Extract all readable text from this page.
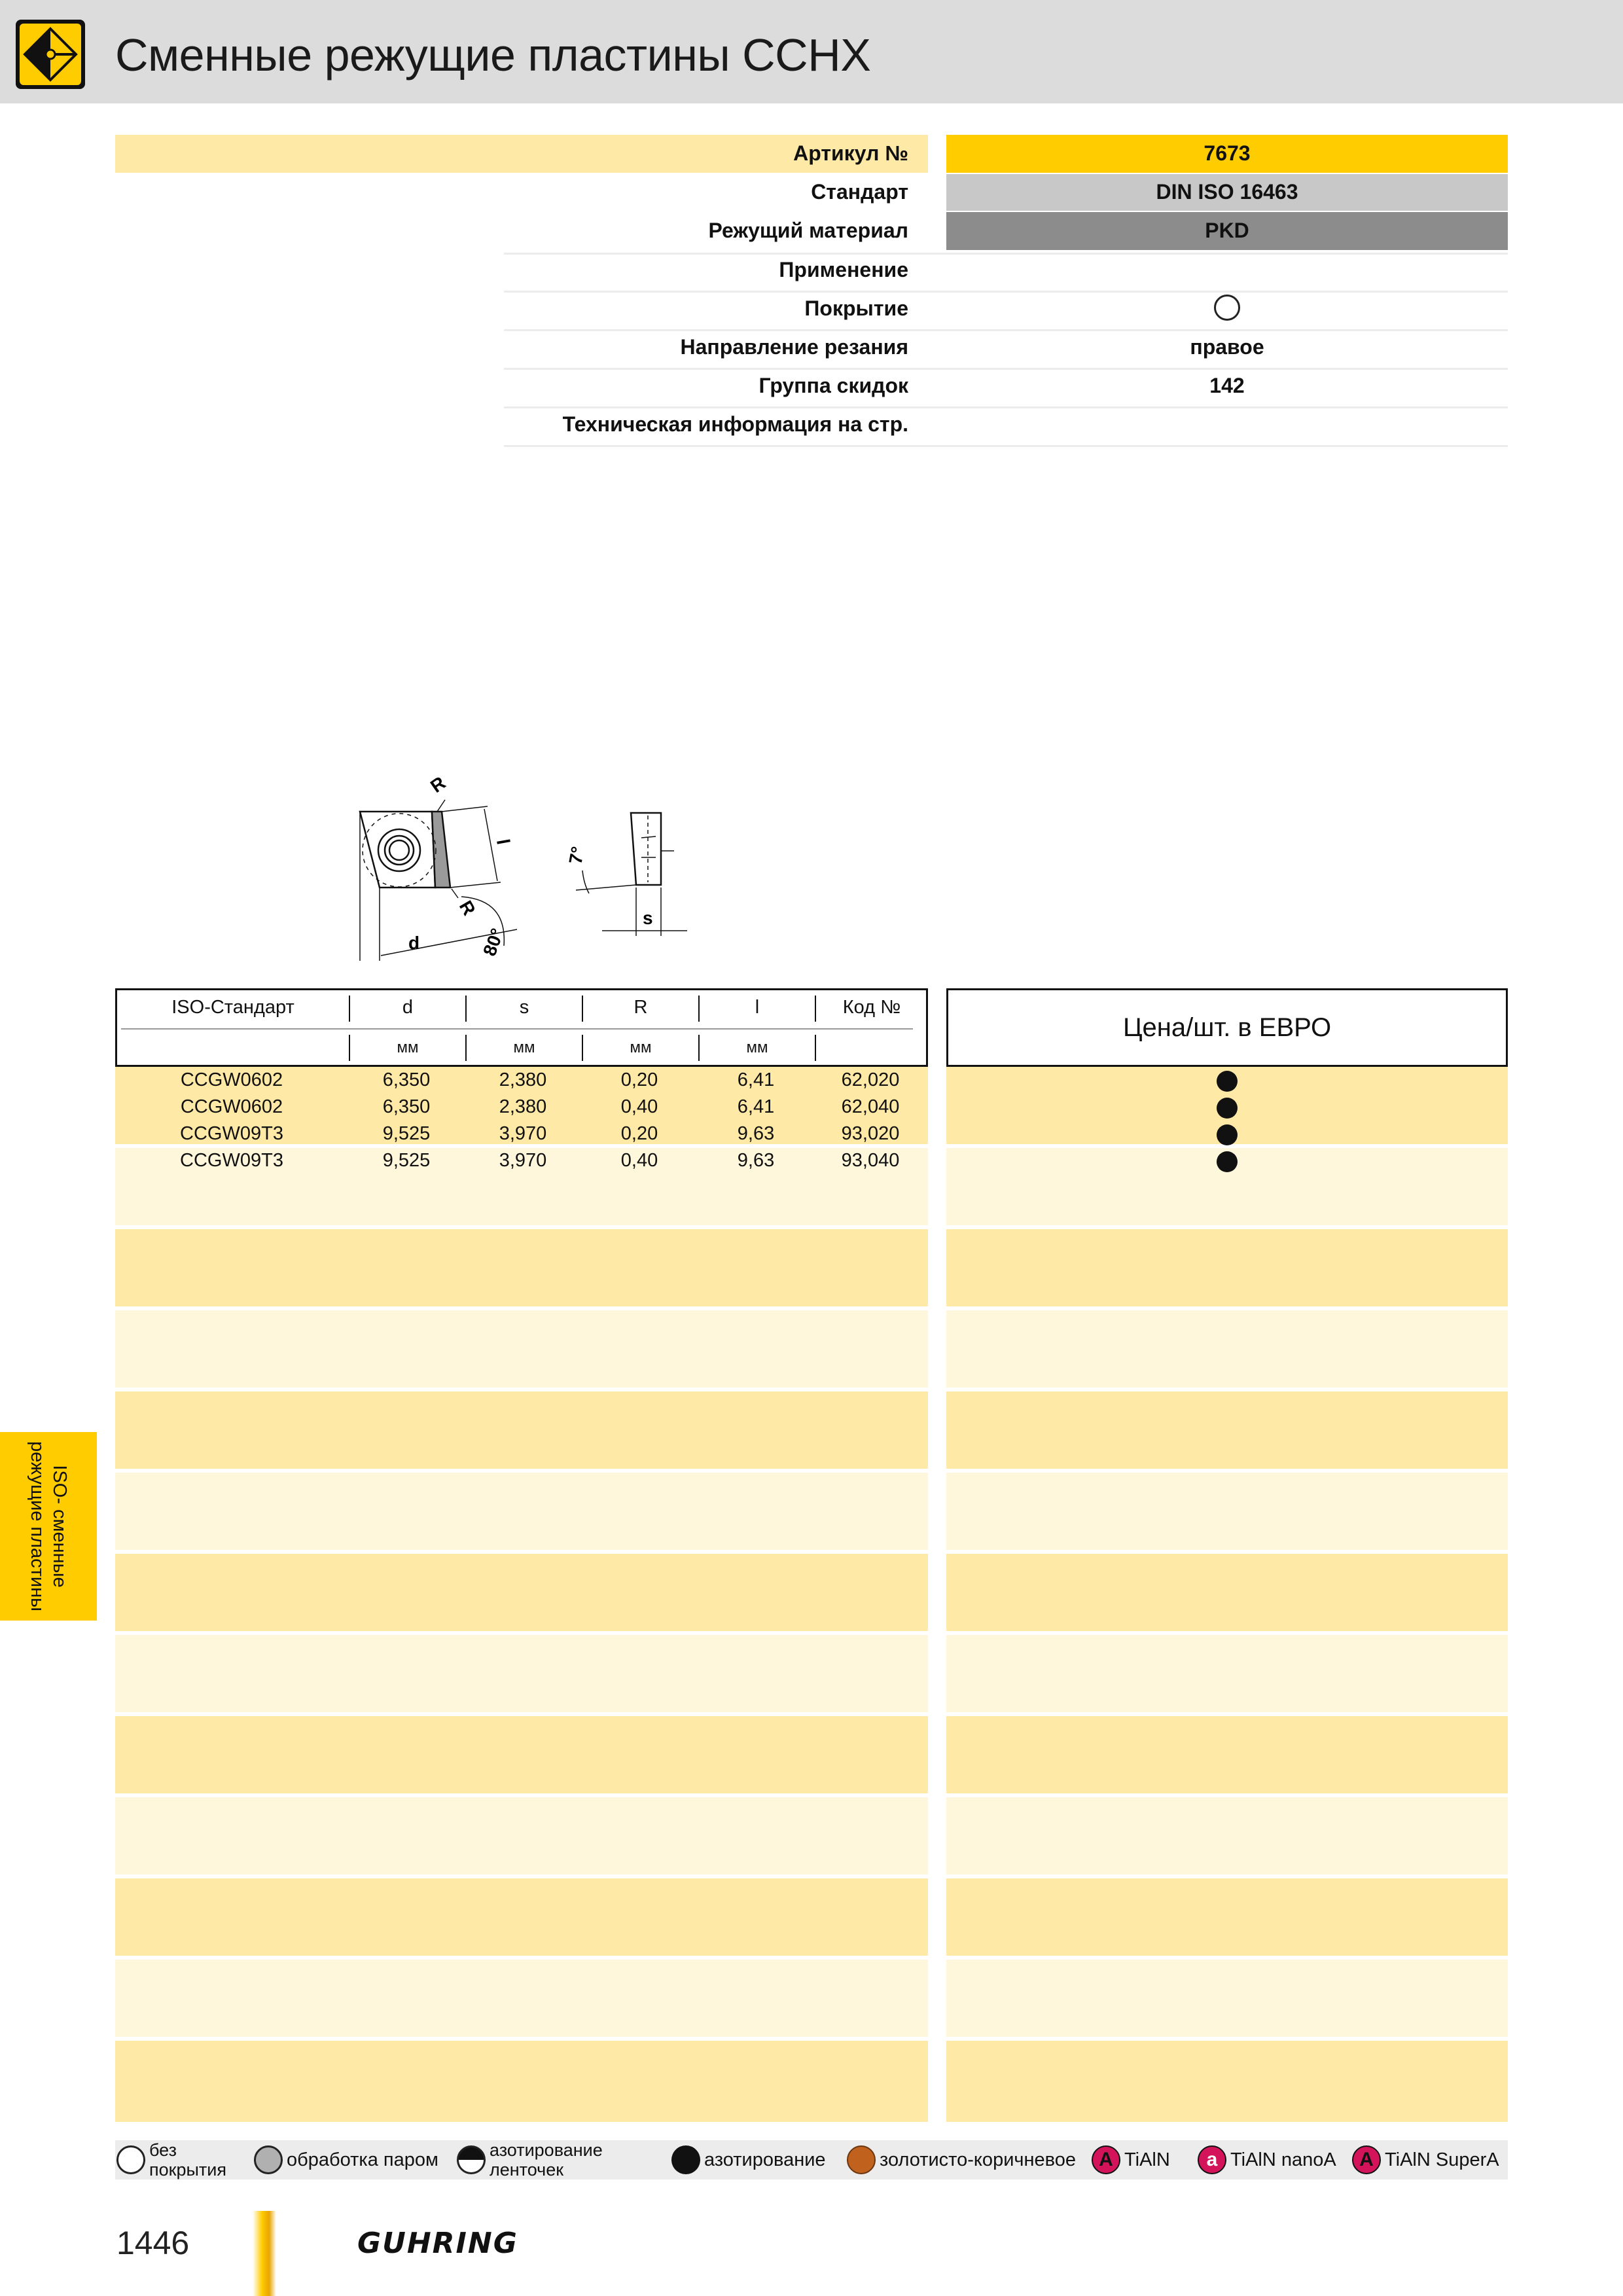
Сменные режущие пластины CCHX
Артикул №	7673
Стандарт	DIN ISO 16463
Режущий материал	PKD
Применение
Покрытие
Направление резания	правое
Группа скидок	142
Техническая информация на стр.
R
l
R
d	80°
7°
s
ISO-Стандарт	d	s	R	l	Код №
мм	мм	мм	мм
Цена/шт. в ЕВРО
CCGW0602	6,350	2,380	0,20	6,41	62,020
CCGW0602	6,350	2,380	0,40	6,41	62,040
CCGW09T3	9,525	3,970	0,20	9,63	93,020
CCGW09T3	9,525	3,970	0,40	9,63	93,040
ISO- сменные
режущие пластины
без
покрытия	обработка паром	азотирование
ленточек	азотирование	золотисто-коричневое A TiAlN a TiAlN nanoA A TiAlN SuperA
1446	GUHRING
